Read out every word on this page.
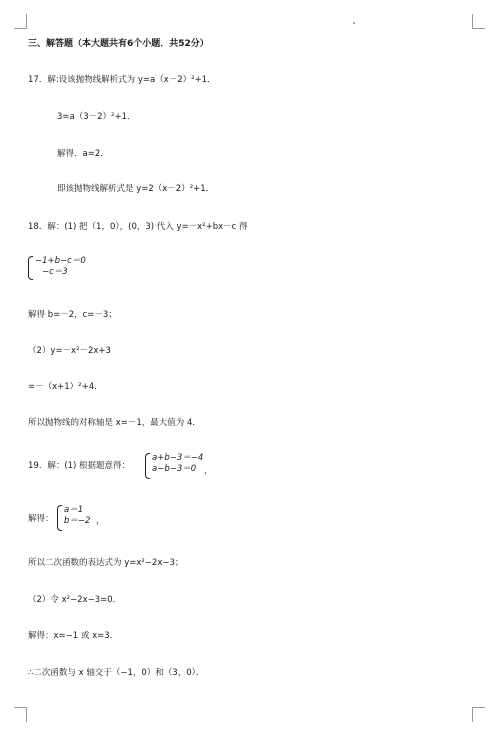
三、解答题（本大题共有6个小题．共52分）
17．解:设该抛物线解析式为 y=a（x－2）²+1．
3=a（3－2）²+1．
解得．a=2．
即该抛物线解析式是 y=2（x－2）²+1．
18．解：(1) 把（1，0），(0，3) 代入 y=－x²+bx－c 得
−1+b−c＝0
−c＝3
解得 b=－2，c=－3；
（2）y=－x²－2x+3
=－（x+1）²+4．
所以抛物线的对称轴是 x=－1，最大值为 4．
19．解：(1) 根据题意得：
a+b−3＝−4
a−b−3＝0 ，
解得：
a＝1
b＝−2 ，
所以二次函数的表达式为 y=x²−2x−3；
（2）令 x²−2x−3=0．
解得：x=−1 或 x=3．
∴二次函数与 x 轴交于（−1，0）和（3，0）．
